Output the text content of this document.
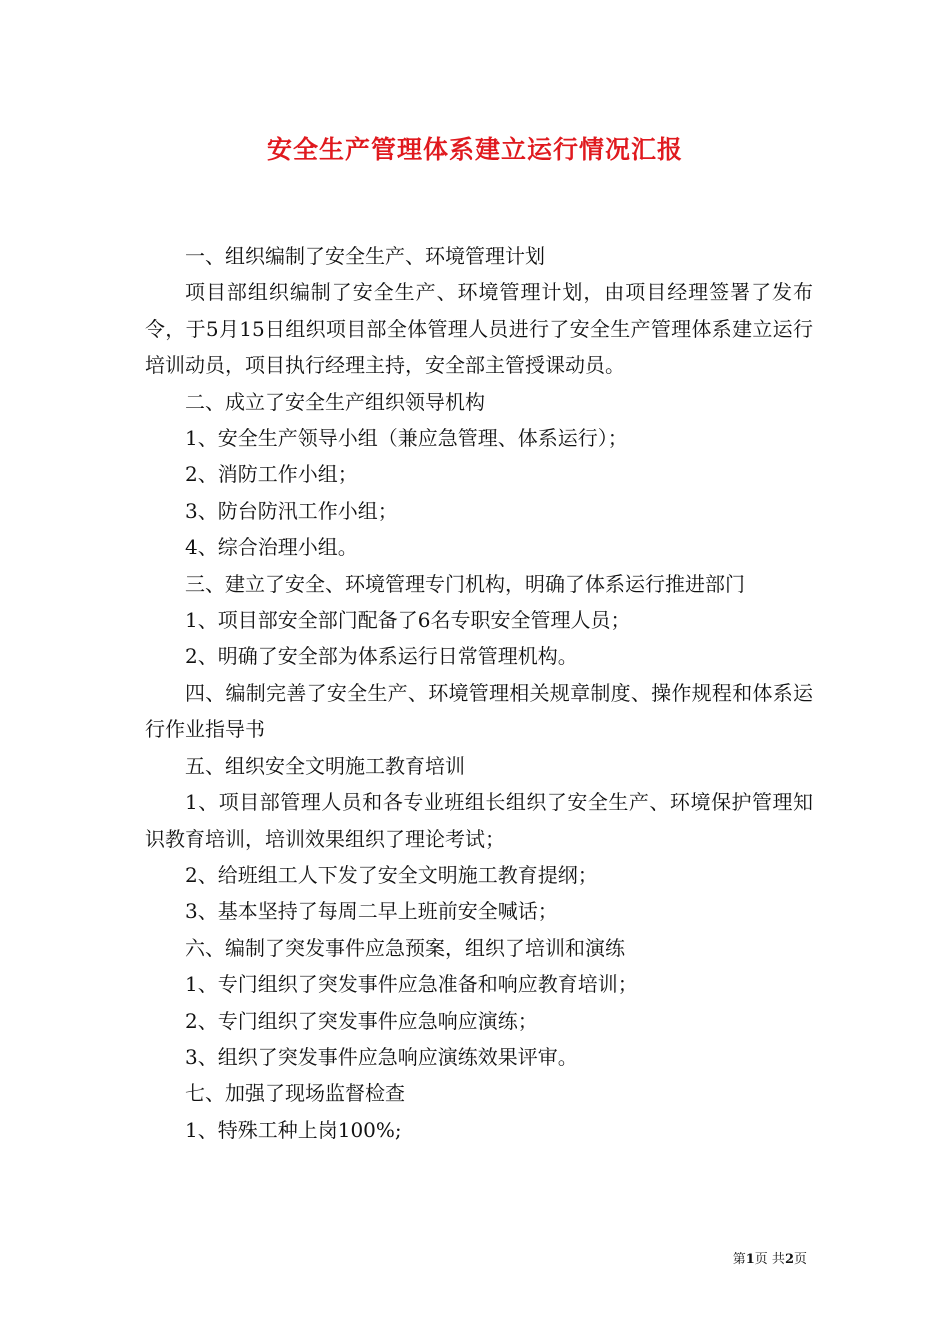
安全生产管理体系建立运行情况汇报

一、组织编制了安全生产、环境管理计划

项目部组织编制了安全生产、环境管理计划，由项目经理签署了发布令，于5月15日组织项目部全体管理人员进行了安全生产管理体系建立运行培训动员，项目执行经理主持，安全部主管授课动员。

二、成立了安全生产组织领导机构

1、安全生产领导小组（兼应急管理、体系运行）；

2、消防工作小组；

3、防台防汛工作小组；

4、综合治理小组。

三、建立了安全、环境管理专门机构，明确了体系运行推进部门

1、项目部安全部门配备了6名专职安全管理人员；

2、明确了安全部为体系运行日常管理机构。

四、编制完善了安全生产、环境管理相关规章制度、操作规程和体系运行作业指导书

五、组织安全文明施工教育培训

1、项目部管理人员和各专业班组长组织了安全生产、环境保护管理知识教育培训，培训效果组织了理论考试；

2、给班组工人下发了安全文明施工教育提纲；

3、基本坚持了每周二早上班前安全喊话；

六、编制了突发事件应急预案，组织了培训和演练

1、专门组织了突发事件应急准备和响应教育培训；

2、专门组织了突发事件应急响应演练；

3、组织了突发事件应急响应演练效果评审。

七、加强了现场监督检查

1、特殊工种上岗100%;

第1页 共2页
